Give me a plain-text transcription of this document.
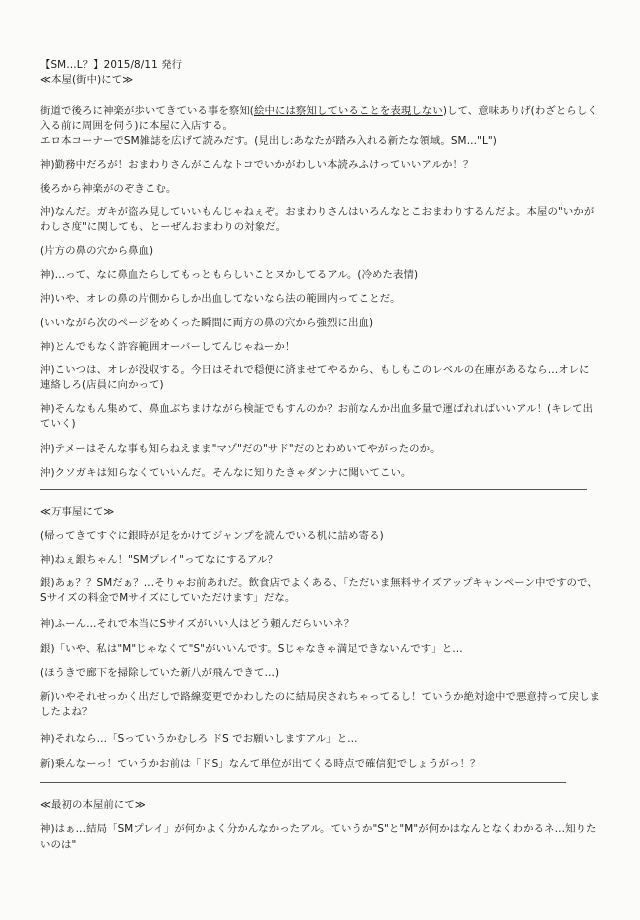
【SM…L？】2015/8/11 発行

≪本屋(街中)にて≫

街道で後ろに神楽が歩いてきている事を察知(絵中には察知していることを表現しない)して、意味ありげ(わざとらしく入る前に周囲を伺う)に本屋に入店する。

エロ本コーナーでSM雑誌を広げて読みだす。(見出し:あなたが踏み入れる新たな領域。SM…"L")

神)勤務中だろが！おまわりさんがこんなトコでいかがわしい本読みふけっていいアルか！？

後ろから神楽がのぞきこむ。

沖)なんだ。ガキが盗み見していいもんじゃねぇぞ。おまわりさんはいろんなとこおまわりするんだよ。本屋の"いかがわしさ度"に関しても、とーぜんおまわりの対象だ。

(片方の鼻の穴から鼻血)

神)…って、なに鼻血たらしてもっともらしいことヌかしてるアル。(冷めた表情)

沖)いや、オレの鼻の片側からしか出血してないなら法の範囲内ってことだ。

(いいながら次のページをめくった瞬間に両方の鼻の穴から強烈に出血)

神)とんでもなく許容範囲オーバーしてんじゃねーか！

沖)こいつは、オレが没収する。今日はそれで穏便に済ませてやるから、もしもこのレベルの在庫があるなら…オレに連絡しろ(店員に向かって)

神)そんなもん集めて、鼻血ぶちまけながら検証でもすんのか？お前なんか出血多量で運ばれればいいアル！(キレて出ていく)

沖)テメーはそんな事も知らねえまま"マゾ"だの"サド"だのとわめいてやがったのか。

沖)クソガキは知らなくていいんだ。そんなに知りたきゃダンナに聞いてこい。

≪万事屋にて≫

(帰ってきてすぐに銀時が足をかけてジャンプを読んでいる机に詰め寄る)

神)ねぇ銀ちゃん！"SMプレイ"ってなにするアル？

銀)あぁ？？SMだぁ？…そりゃお前あれだ。飲食店でよくある、「ただいま無料サイズアップキャンペーン中ですので、Sサイズの料金でMサイズにしていただけます」だな。

神)ふーん…それで本当にSサイズがいい人はどう頼んだらいいネ？

銀)「いや、私は"M"じゃなくて"S"がいいんです。Sじゃなきゃ満足できないんです」と…

(ほうきで廊下を掃除していた新八が飛んできて…)

新)いやそれせっかく出だしで路線変更でかわしたのに結局戻されちゃってるし！ていうか絶対途中で悪意持って戻しましたよね？

神)それなら…「Sっていうかむしろ ドS でお願いしますアル」と…

新)乗んなーっ！ていうかお前は「ドS」なんて単位が出てくる時点で確信犯でしょうがっ！？

≪最初の本屋前にて≫

神)はぁ…結局「SMプレイ」が何かよく分かんなかったアル。ていうか"S"と"M"が何かはなんとなくわかるネ…知りたいのは"
